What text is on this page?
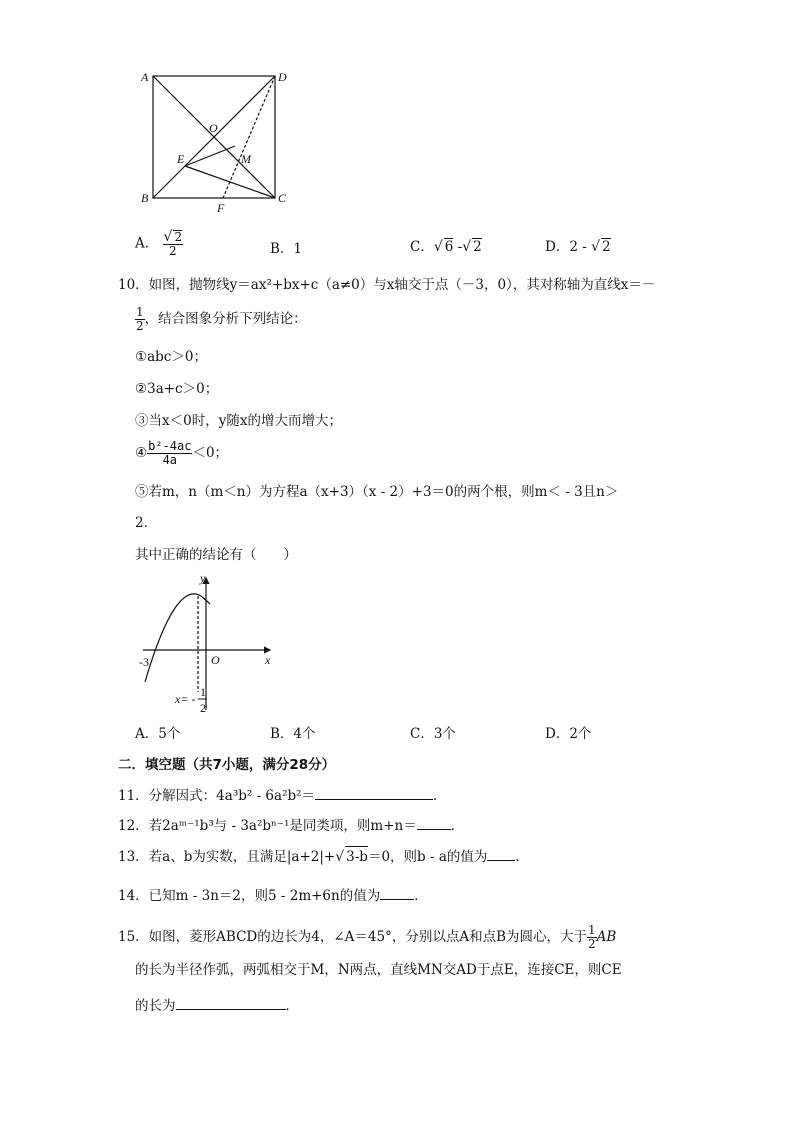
A	D
O
E	M
B	C
F
A． $\frac{√ 2}{2}$	B．1	C．√ 6 -√ 2	D．2 - √ 2
10．如图，抛物线y＝ax²+bx+c（a≠0）与x轴交于点（－3，0），其对称轴为直线x＝－
$\frac{1}{2}$ ，结合图象分析下列结论：
①abc＞0；
②3a+c＞0；
③当x＜0时，y随x的增大而增大；
④ $\frac{\text{b²-4ac}}{4a} <0$；
⑤若m，n（m＜n）为方程a（x+3）（x - 2）+3＝0的两个根，则m＜ - 3且n＞
2．
其中正确的结论有（　　）
y
x
O
-3
x= - 1
2
A．5个	B．4个	C．3个	D．2个
二．填空题（共7小题，满分28分）
11．分解因式：4a³b² - 6a²b²＝	．
12．若2aᵐ⁻¹b³与 - 3a²bⁿ⁻¹是同类项，则m+n＝	．
13．若a、b为实数，且满足|a+2|+√ 3-b＝0，则b - a的值为 ．
14．已知m - 3n＝2，则5 - 2m+6n的值为	．
15．如图，菱形ABCD的边长为4，∠A＝45°，分别以点A和点B为圆心，大于 $\frac{1}{2}$ AB
的长为半径作弧，两弧相交于M，N两点，直线MN交AD于点E，连接CE，则CE
的长为	．
